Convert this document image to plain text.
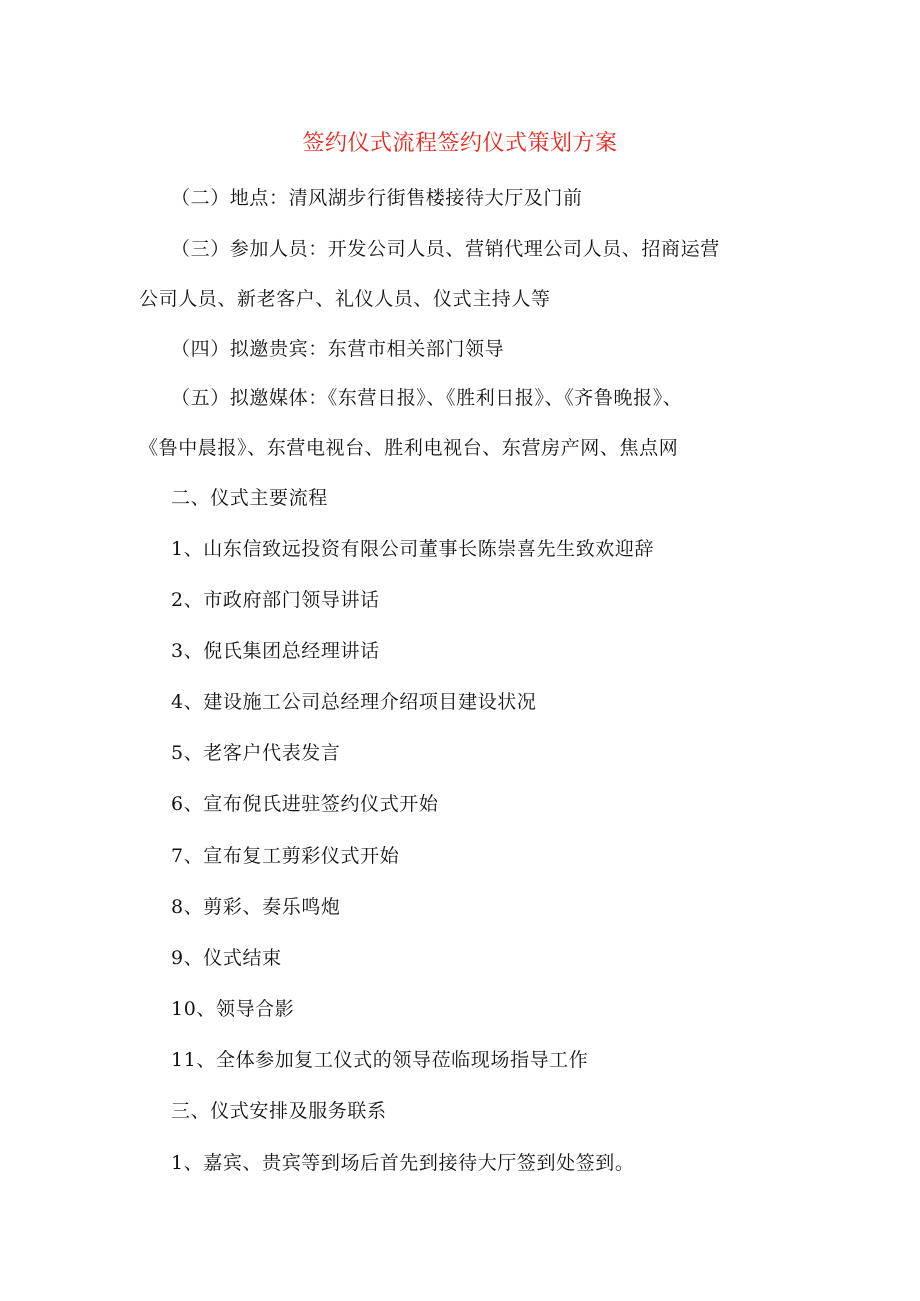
签约仪式流程签约仪式策划方案
（二）地点：清风湖步行街售楼接待大厅及门前
（三）参加人员：开发公司人员、营销代理公司人员、招商运营
公司人员、新老客户、礼仪人员、仪式主持人等
（四）拟邀贵宾：东营市相关部门领导
（五）拟邀媒体：《东营日报》、《胜利日报》、《齐鲁晚报》、
《鲁中晨报》、东营电视台、胜利电视台、东营房产网、焦点网
二、仪式主要流程
1、山东信致远投资有限公司董事长陈崇喜先生致欢迎辞
2、市政府部门领导讲话
3、倪氏集团总经理讲话
4、建设施工公司总经理介绍项目建设状况
5、老客户代表发言
6、宣布倪氏进驻签约仪式开始
7、宣布复工剪彩仪式开始
8、剪彩、奏乐鸣炮
9、仪式结束
10、领导合影
11、全体参加复工仪式的领导莅临现场指导工作
三、仪式安排及服务联系
1、嘉宾、贵宾等到场后首先到接待大厅签到处签到。
